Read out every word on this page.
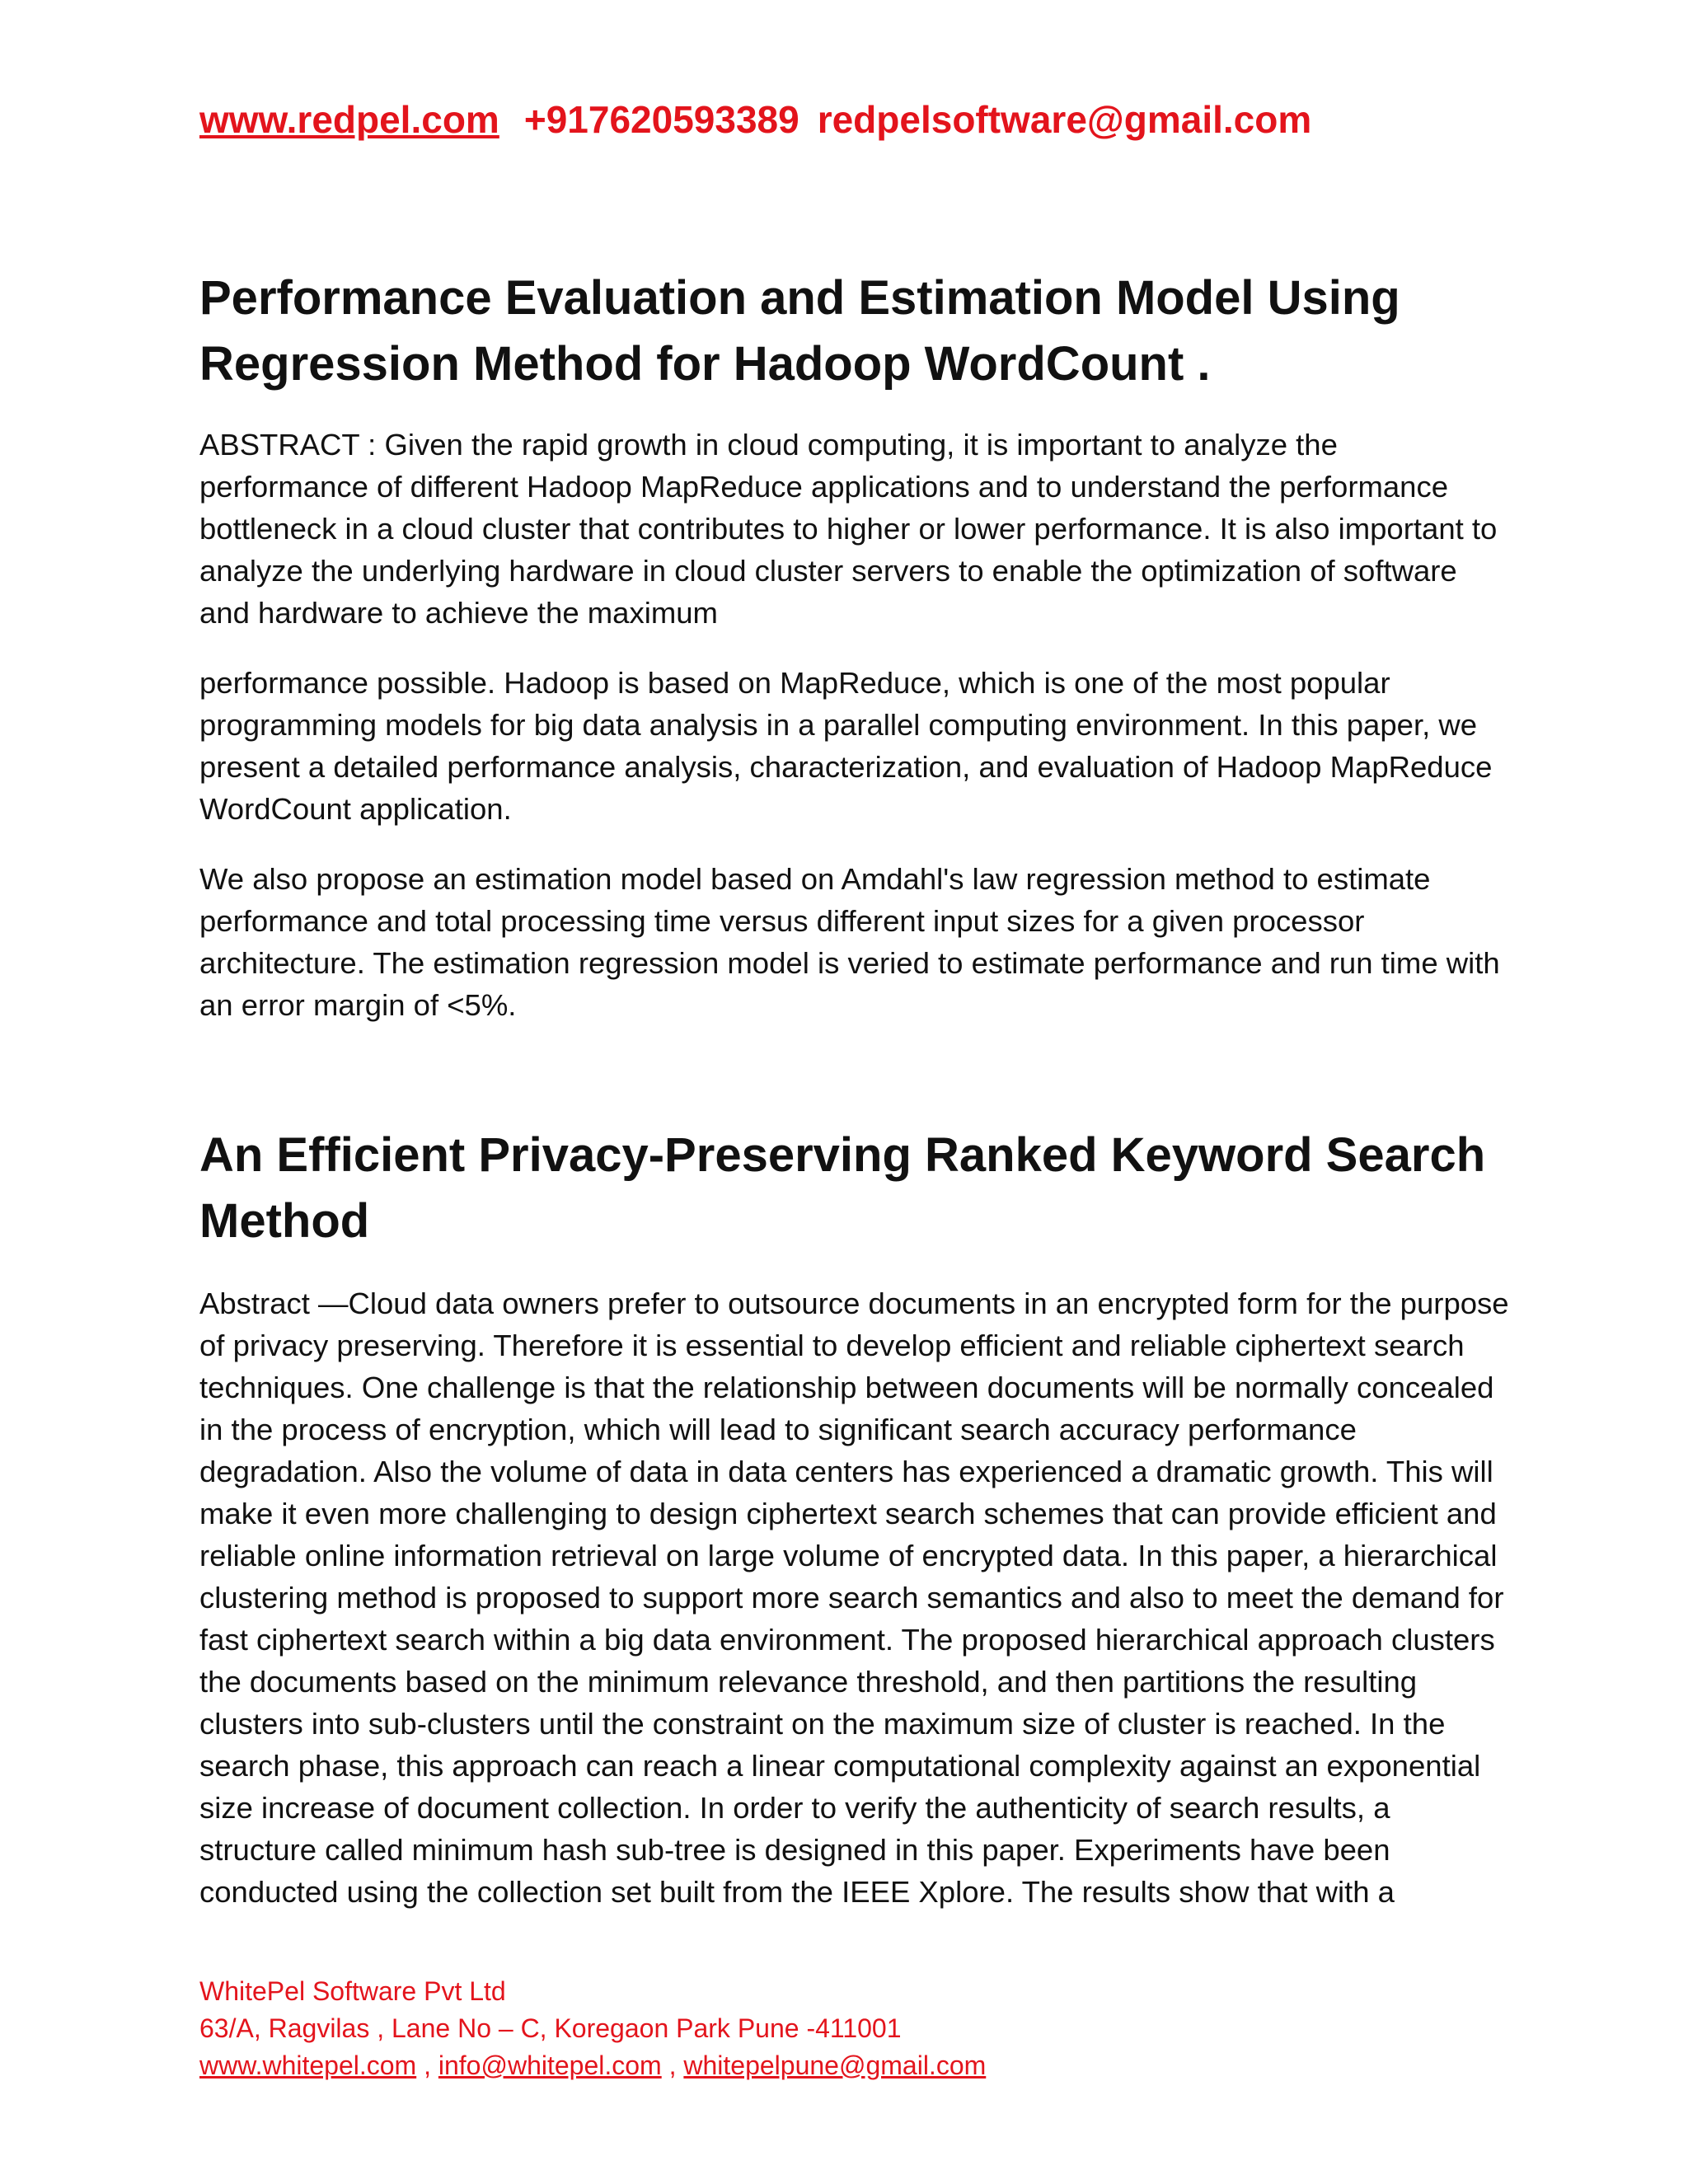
www.redpel.com +917620593389 redpelsoftware@gmail.com
Performance Evaluation and Estimation Model Using Regression Method for Hadoop WordCount .

ABSTRACT : Given the rapid growth in cloud computing, it is important to analyze the performance of different Hadoop MapReduce applications and to understand the performance bottleneck in a cloud cluster that contributes to higher or lower performance. It is also important to analyze the underlying hardware in cloud cluster servers to enable the optimization of software and hardware to achieve the maximum

performance possible. Hadoop is based on MapReduce, which is one of the most popular programming models for big data analysis in a parallel computing environment. In this paper, we present a detailed performance analysis, characterization, and evaluation of Hadoop MapReduce WordCount application.

We also propose an estimation model based on Amdahl's law regression method to estimate performance and total processing time versus different input sizes for a given processor architecture. The estimation regression model is veried to estimate performance and run time with an error margin of <5%.

An Efficient Privacy-Preserving Ranked Keyword Search Method

Abstract —Cloud data owners prefer to outsource documents in an encrypted form for the purpose of privacy preserving. Therefore it is essential to develop efficient and reliable ciphertext search techniques. One challenge is that the relationship between documents will be normally concealed in the process of encryption, which will lead to significant search accuracy performance degradation. Also the volume of data in data centers has experienced a dramatic growth. This will make it even more challenging to design ciphertext search schemes that can provide efficient and reliable online information retrieval on large volume of encrypted data. In this paper, a hierarchical clustering method is proposed to support more search semantics and also to meet the demand for fast ciphertext search within a big data environment. The proposed hierarchical approach clusters the documents based on the minimum relevance threshold, and then partitions the resulting clusters into sub-clusters until the constraint on the maximum size of cluster is reached. In the search phase, this approach can reach a linear computational complexity against an exponential size increase of document collection. In order to verify the authenticity of search results, a structure called minimum hash sub-tree is designed in this paper. Experiments have been conducted using the collection set built from the IEEE Xplore. The results show that with a

WhitePel Software Pvt Ltd
63/A, Ragvilas , Lane No – C, Koregaon Park Pune -411001
www.whitepel.com , info@whitepel.com , whitepelpune@gmail.com
